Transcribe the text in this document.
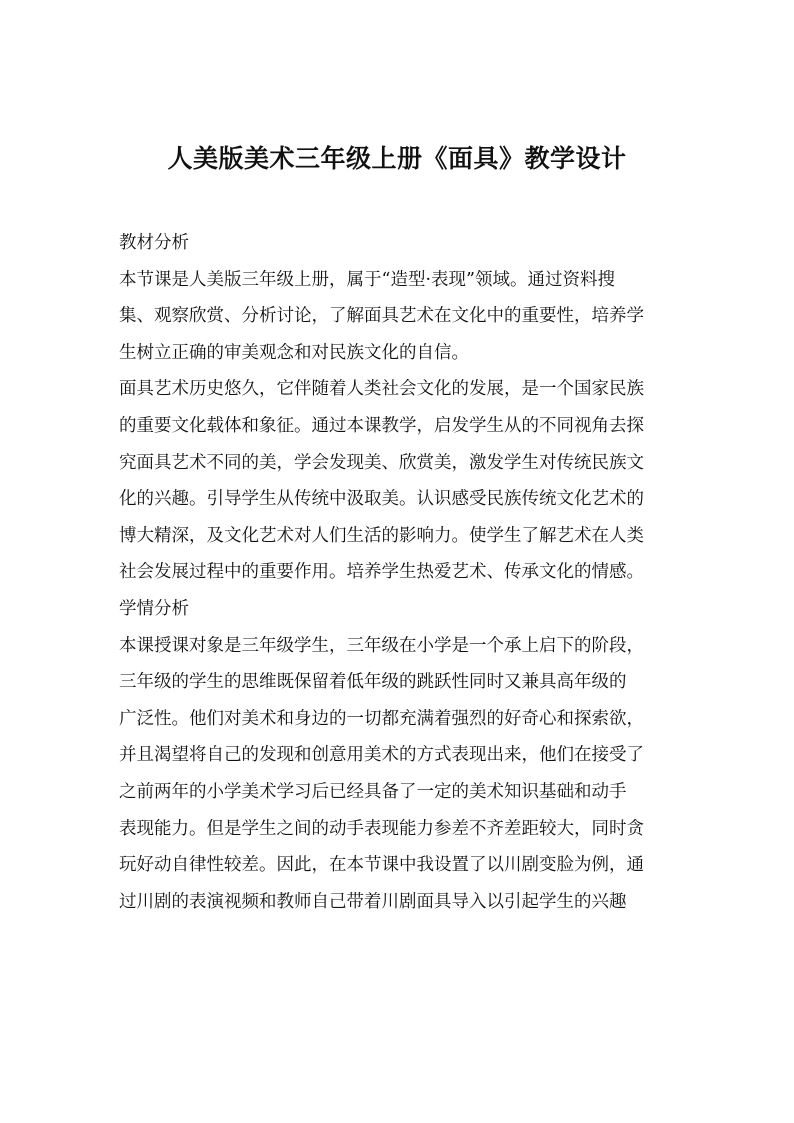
人美版美术三年级上册《面具》教学设计
教材分析
本节课是人美版三年级上册，属于“造型·表现”领域。通过资料搜
集、观察欣赏、分析讨论，了解面具艺术在文化中的重要性，培养学
生树立正确的审美观念和对民族文化的自信。
面具艺术历史悠久，它伴随着人类社会文化的发展，是一个国家民族
的重要文化载体和象征。通过本课教学，启发学生从的不同视角去探
究面具艺术不同的美，学会发现美、欣赏美，激发学生对传统民族文
化的兴趣。引导学生从传统中汲取美。认识感受民族传统文化艺术的
博大精深，及文化艺术对人们生活的影响力。使学生了解艺术在人类
社会发展过程中的重要作用。培养学生热爱艺术、传承文化的情感。
学情分析
本课授课对象是三年级学生，三年级在小学是一个承上启下的阶段，
三年级的学生的思维既保留着低年级的跳跃性同时又兼具高年级的
广泛性。他们对美术和身边的一切都充满着强烈的好奇心和探索欲，
并且渴望将自己的发现和创意用美术的方式表现出来，他们在接受了
之前两年的小学美术学习后已经具备了一定的美术知识基础和动手
表现能力。但是学生之间的动手表现能力参差不齐差距较大，同时贪
玩好动自律性较差。因此，在本节课中我设置了以川剧变脸为例，通
过川剧的表演视频和教师自己带着川剧面具导入以引起学生的兴趣
